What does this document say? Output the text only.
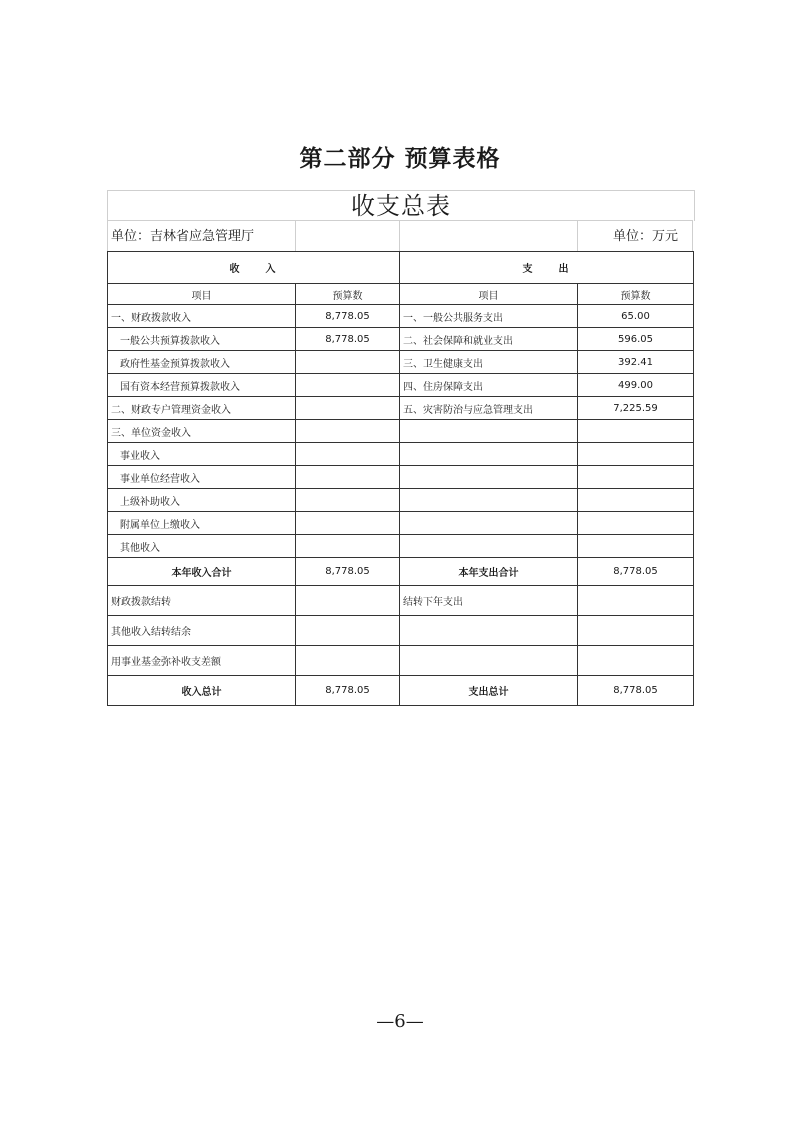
第二部分 预算表格
收支总表
单位：吉林省应急管理厅	单位：万元
收　　入		支　　出	
项目	预算数	项目	预算数
一、财政拨款收入	8,778.05	一、一般公共服务支出	65.00
一般公共预算拨款收入	8,778.05	二、社会保障和就业支出	596.05
政府性基金预算拨款收入		三、卫生健康支出	392.41
国有资本经营预算拨款收入		四、住房保障支出	499.00
二、财政专户管理资金收入		五、灾害防治与应急管理支出	7,225.59
三、单位资金收入			
事业收入			
事业单位经营收入			
上级补助收入			
附属单位上缴收入			
其他收入			
本年收入合计	8,778.05	本年支出合计	8,778.05
财政拨款结转		结转下年支出	
其他收入结转结余			
用事业基金弥补收支差额			
收入总计	8,778.05	支出总计	8,778.05
—6—
